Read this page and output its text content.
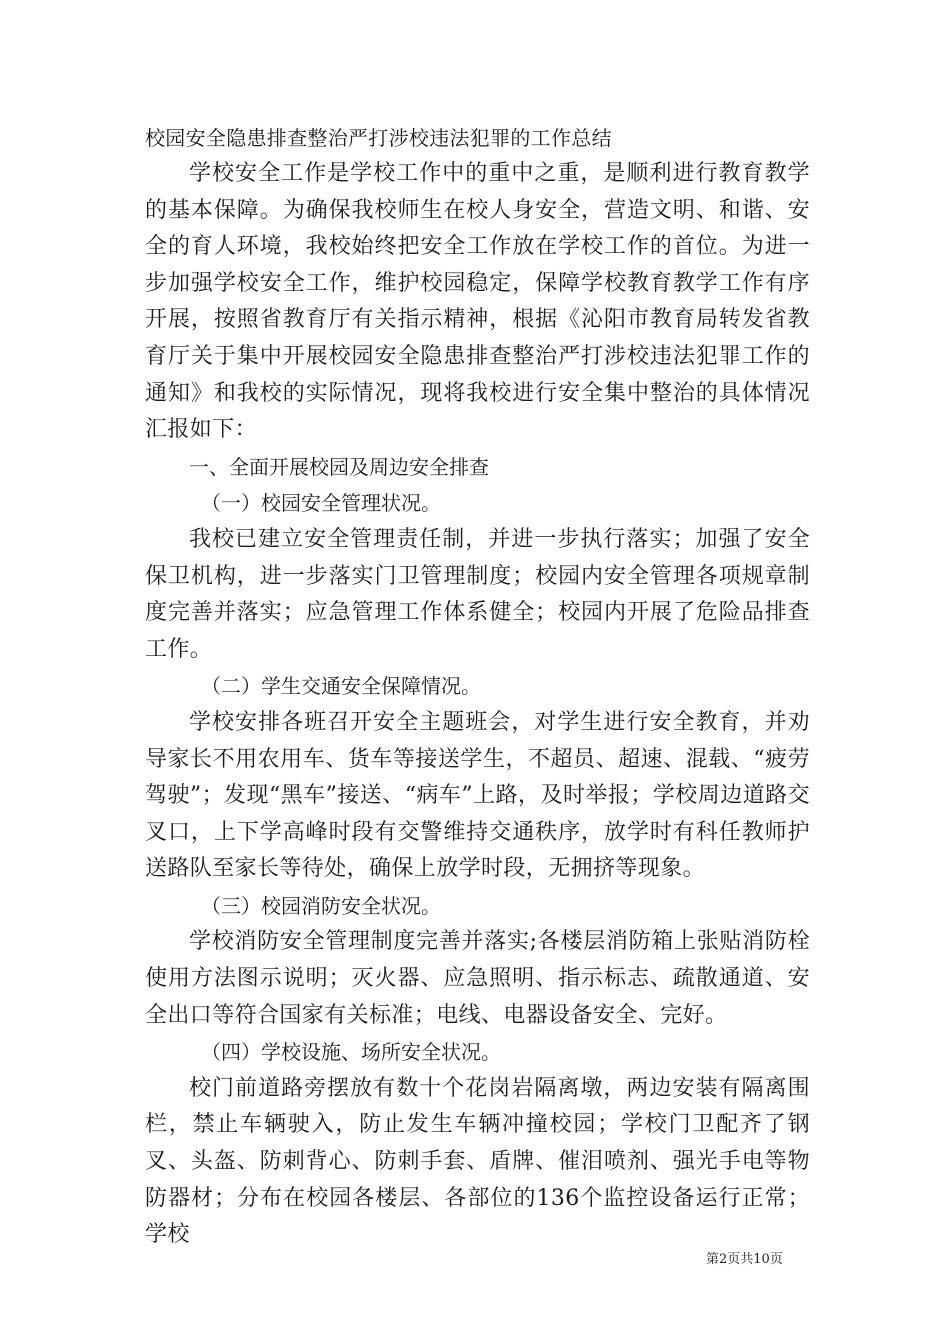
校园安全隐患排查整治严打涉校违法犯罪的工作总结

学校安全工作是学校工作中的重中之重，是顺利进行教育教学的基本保障。为确保我校师生在校人身安全，营造文明、和谐、安全的育人环境，我校始终把安全工作放在学校工作的首位。为进一步加强学校安全工作，维护校园稳定，保障学校教育教学工作有序开展，按照省教育厅有关指示精神，根据《沁阳市教育局转发省教育厅关于集中开展校园安全隐患排查整治严打涉校违法犯罪工作的通知》和我校的实际情况，现将我校进行安全集中整治的具体情况汇报如下：

一、全面开展校园及周边安全排查

（一）校园安全管理状况。

我校已建立安全管理责任制，并进一步执行落实；加强了安全保卫机构，进一步落实门卫管理制度；校园内安全管理各项规章制度完善并落实；应急管理工作体系健全；校园内开展了危险品排查工作。

（二）学生交通安全保障情况。

学校安排各班召开安全主题班会，对学生进行安全教育，并劝导家长不用农用车、货车等接送学生，不超员、超速、混载、“疲劳驾驶”；发现“黑车”接送、“病车”上路，及时举报；学校周边道路交叉口，上下学高峰时段有交警维持交通秩序，放学时有科任教师护送路队至家长等待处，确保上放学时段，无拥挤等现象。

（三）校园消防安全状况。

学校消防安全管理制度完善并落实;各楼层消防箱上张贴消防栓使用方法图示说明；灭火器、应急照明、指示标志、疏散通道、安全出口等符合国家有关标准；电线、电器设备安全、完好。

（四）学校设施、场所安全状况。

校门前道路旁摆放有数十个花岗岩隔离墩，两边安装有隔离围栏，禁止车辆驶入，防止发生车辆冲撞校园；学校门卫配齐了钢叉、头盔、防刺背心、防刺手套、盾牌、催泪喷剂、强光手电等物防器材；分布在校园各楼层、各部位的136个监控设备运行正常；学校

第2页共10页
